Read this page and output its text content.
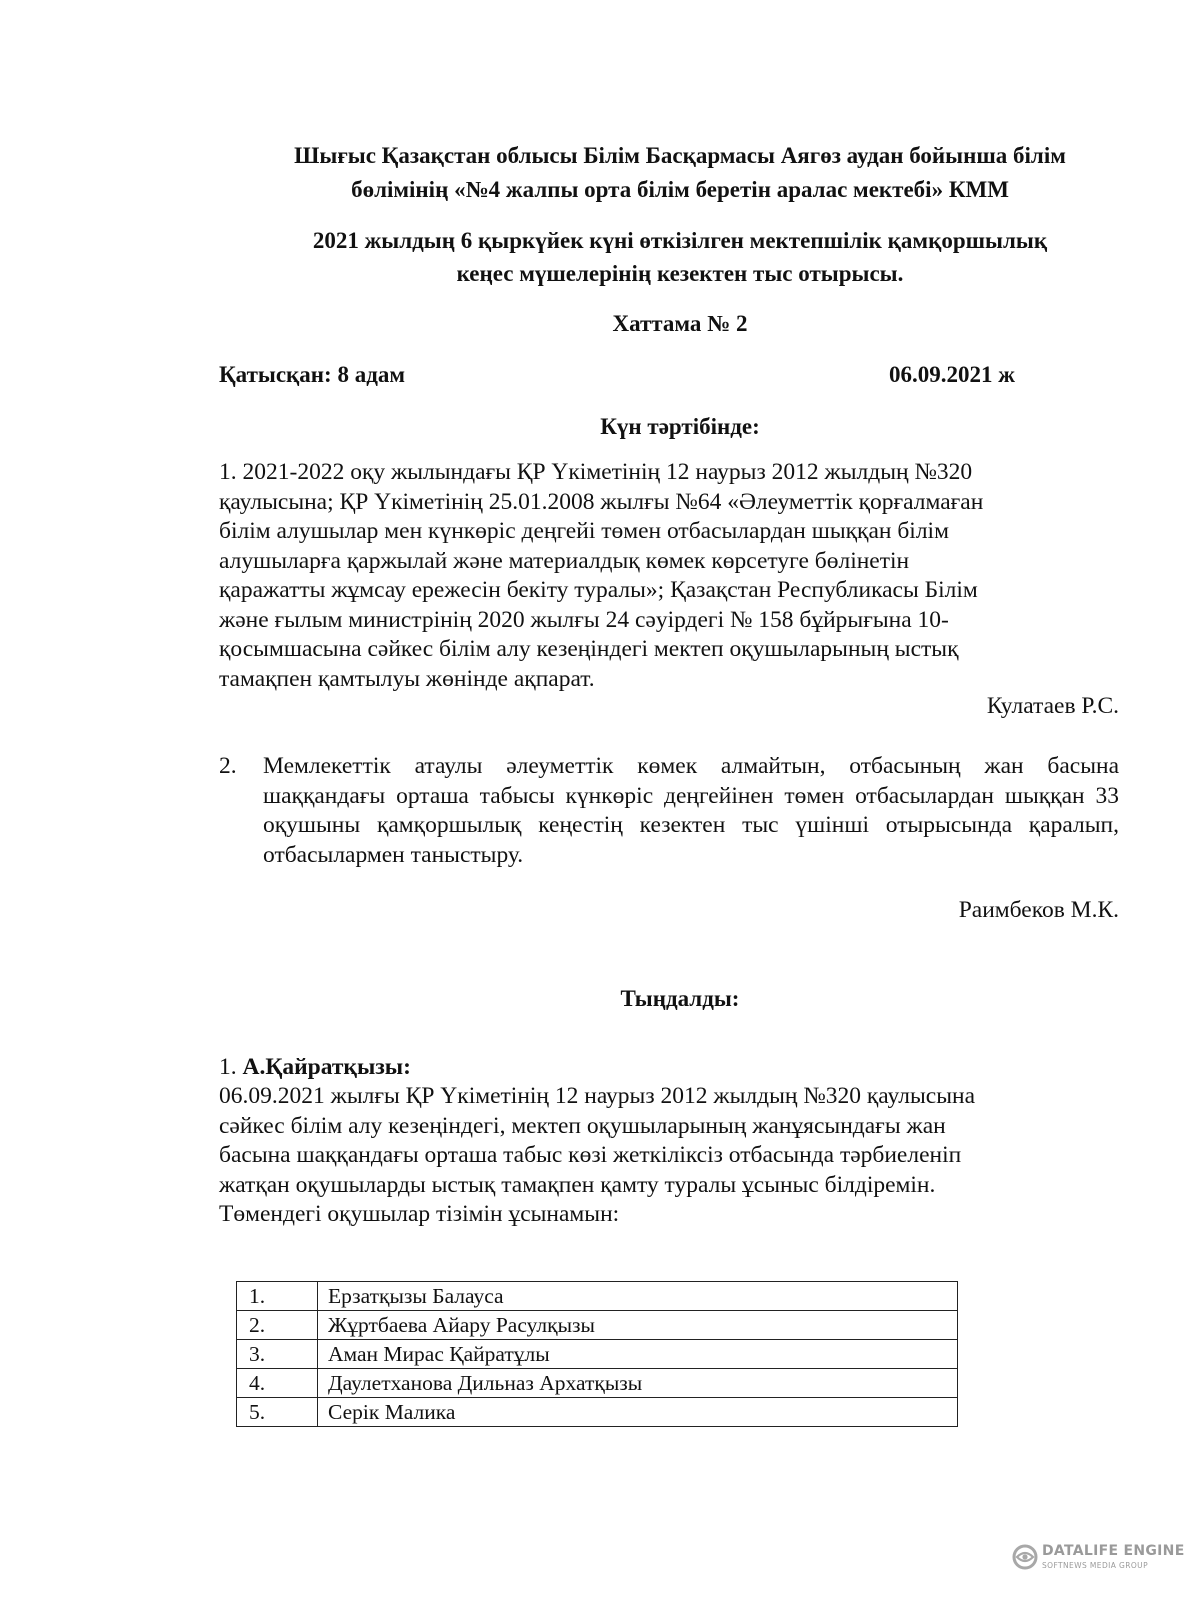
Шығыс Қазақстан облысы Білім Басқармасы Аягөз аудан бойынша білім
бөлімінің «№4 жалпы орта білім беретін аралас мектебі» КММ
2021 жылдың 6 қыркүйек күні өткізілген мектепшілік қамқоршылық
кеңес мүшелерінің кезектен тыс отырысы.
Хаттама № 2
Қатысқан: 8 адам	06.09.2021 ж
Күн тәртібінде:
1. 2021-2022 оқу жылындағы ҚР Үкіметінің 12 наурыз 2012 жылдың №320
қаулысына; ҚР Үкіметінің 25.01.2008 жылғы №64 «Әлеуметтік қорғалмаған
білім алушылар мен күнкөріс деңгейі төмен отбасылардан шыққан білім
алушыларға қаржылай және материалдық көмек көрсетуге бөлінетін
қаражатты жұмсау ережесін бекіту туралы»; Қазақстан Республикасы Білім
және ғылым министрінің 2020 жылғы 24 сәуірдегі № 158 бұйрығына 10-
қосымшасына сәйкес білім алу кезеңіндегі мектеп оқушыларының ыстық
тамақпен қамтылуы жөнінде ақпарат.
Кулатаев Р.С.
2.	Мемлекеттік атаулы әлеуметтік көмек алмайтын, отбасының жан басына шаққандағы орташа табысы күнкөріс деңгейінен төмен отбасылардан шыққан 33 оқушыны қамқоршылық кеңестің кезектен тыс үшінші отырысында қаралып, отбасылармен таныстыру.
Раимбеков М.К.
Тыңдалды:
1. А.Қайратқызы:
06.09.2021 жылғы ҚР Үкіметінің 12 наурыз 2012 жылдың №320 қаулысына
сәйкес білім алу кезеңіндегі, мектеп оқушыларының жанұясындағы жан
басына шаққандағы орташа табыс көзі жеткіліксіз отбасында тәрбиеленіп
жатқан оқушыларды ыстық тамақпен қамту туралы ұсыныс білдіремін.
Төмендегі оқушылар тізімін ұсынамын:
1.	Ерзатқызы Балауса
2.	Жұртбаева Айару Расулқызы
3.	Аман Мирас Қайратұлы
4.	Даулетханова Дильназ Архатқызы
5.	Серік Малика
DATALIFE ENGINE
SOFTNEWS MEDIA GROUP
